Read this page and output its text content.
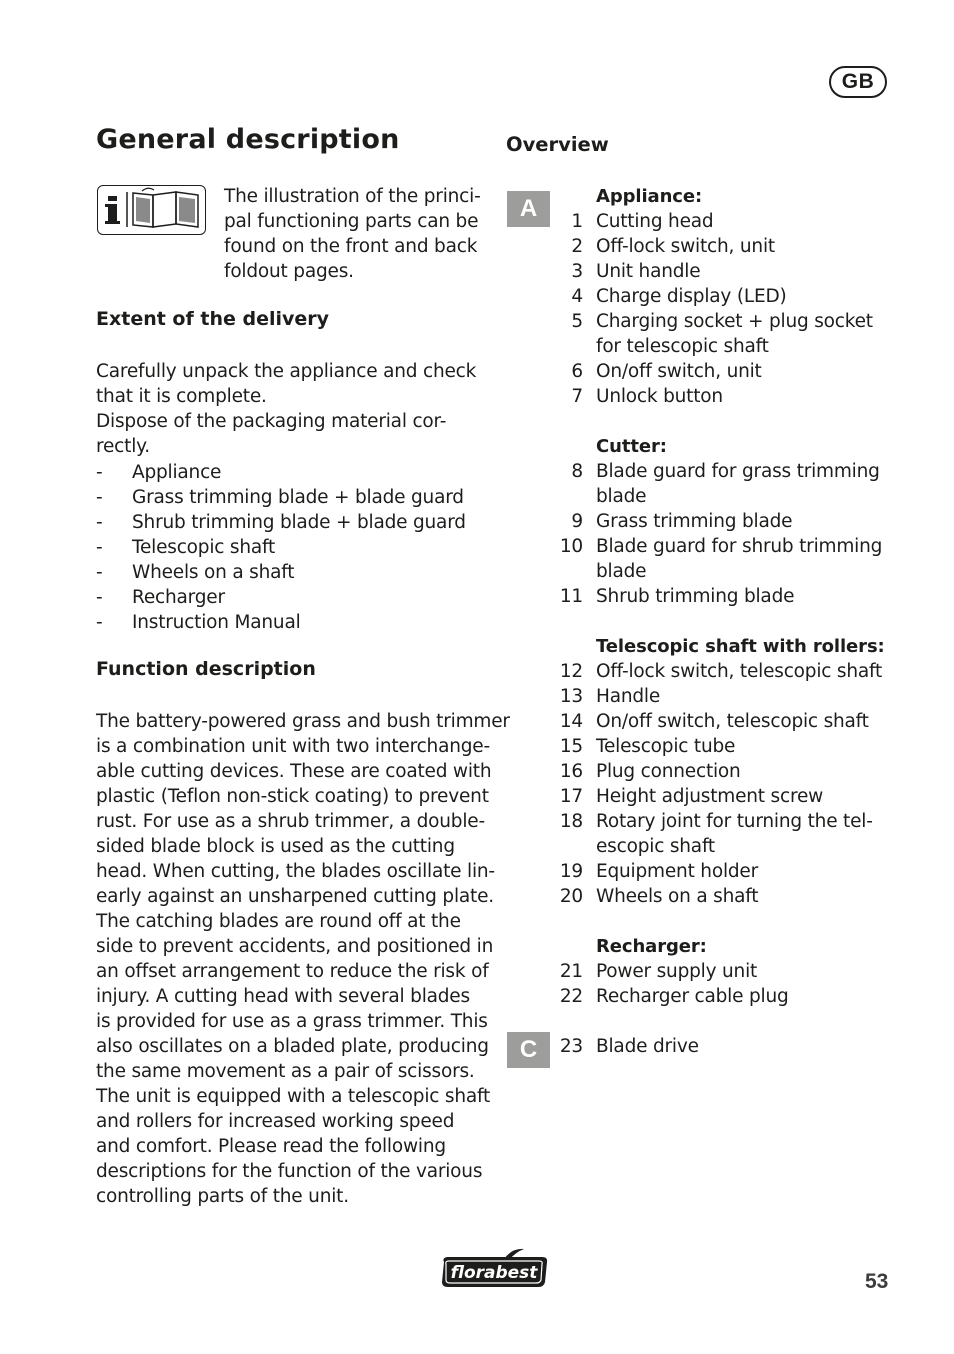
GB
General description
The illustration of the princi-
pal functioning parts can be
found on the front and back
foldout pages.
Extent of the delivery
Carefully unpack the appliance and check
that it is complete.
Dispose of the packaging material cor-
rectly.
- Appliance
- Grass trimming blade + blade guard
- Shrub trimming blade + blade guard
- Telescopic shaft
- Wheels on a shaft
- Recharger
- Instruction Manual
Function description
The battery-powered grass and bush trimmer
is a combination unit with two interchange-
able cutting devices. These are coated with
plastic (Teflon non-stick coating) to prevent
rust. For use as a shrub trimmer, a double-
sided blade block is used as the cutting
head. When cutting, the blades oscillate lin-
early against an unsharpened cutting plate.
The catching blades are round off at the
side to prevent accidents, and positioned in
an offset arrangement to reduce the risk of
injury. A cutting head with several blades
is provided for use as a grass trimmer. This
also oscillates on a bladed plate, producing
the same movement as a pair of scissors.
The unit is equipped with a telescopic shaft
and rollers for increased working speed
and comfort. Please read the following
descriptions for the function of the various
controlling parts of the unit.
Overview
A
C
Appliance:
1 Cutting head
2 Off-lock switch, unit
3 Unit handle
4 Charge display (LED)
5 Charging socket + plug socket
for telescopic shaft
6 On/off switch, unit
7 Unlock button
Cutter:
8 Blade guard for grass trimming
blade
9 Grass trimming blade
10 Blade guard for shrub trimming
blade
11 Shrub trimming blade
Telescopic shaft with rollers:
12 Off-lock switch, telescopic shaft
13 Handle
14 On/off switch, telescopic shaft
15 Telescopic tube
16 Plug connection
17 Height adjustment screw
18 Rotary joint for turning the tel-
escopic shaft
19 Equipment holder
20 Wheels on a shaft
Recharger:
21 Power supply unit
22 Recharger cable plug
23 Blade drive
florabest	53
